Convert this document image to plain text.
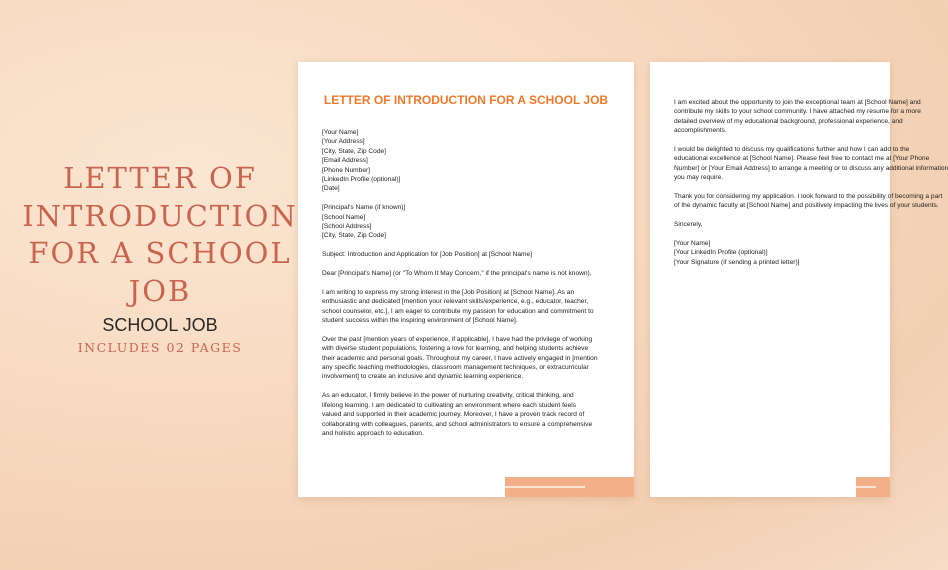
LETTER OF
INTRODUCTION
FOR A SCHOOL
JOB
SCHOOL JOB
INCLUDES 02 PAGES
LETTER OF INTRODUCTION FOR A SCHOOL JOB
[Your Name]
[Your Address]
[City, State, Zip Code]
[Email Address]
[Phone Number]
[LinkedIn Profile (optional)]
[Date]
[Principal's Name (if known)]
[School Name]
[School Address]
[City, State, Zip Code]
Subject: Introduction and Application for [Job Position] at [School Name]
Dear [Principal's Name] (or "To Whom It May Concern," if the principal's name is not known),
I am writing to express my strong interest in the [Job Position] at [School Name]. As an
enthusiastic and dedicated [mention your relevant skills/experience, e.g., educator, teacher,
school counselor, etc.], I am eager to contribute my passion for education and commitment to
student success within the inspiring environment of [School Name].
Over the past [mention years of experience, if applicable], I have had the privilege of working
with diverse student populations, fostering a love for learning, and helping students achieve
their academic and personal goals. Throughout my career, I have actively engaged in [mention
any specific teaching methodologies, classroom management techniques, or extracurricular
involvement] to create an inclusive and dynamic learning experience.
As an educator, I firmly believe in the power of nurturing creativity, critical thinking, and
lifelong learning. I am dedicated to cultivating an environment where each student feels
valued and supported in their academic journey. Moreover, I have a proven track record of
collaborating with colleagues, parents, and school administrators to ensure a comprehensive
and holistic approach to education.
I am excited about the opportunity to join the exceptional team at [School Name] and
contribute my skills to your school community. I have attached my resume for a more
detailed overview of my educational background, professional experience, and
accomplishments.
I would be delighted to discuss my qualifications further and how I can add to the
educational excellence at [School Name]. Please feel free to contact me at [Your Phone
Number] or [Your Email Address] to arrange a meeting or to discuss any additional information
you may require.
Thank you for considering my application. I look forward to the possibility of becoming a part
of the dynamic faculty at [School Name] and positively impacting the lives of your students.
Sincerely,
[Your Name]
[Your LinkedIn Profile (optional)]
[Your Signature (if sending a printed letter)]
